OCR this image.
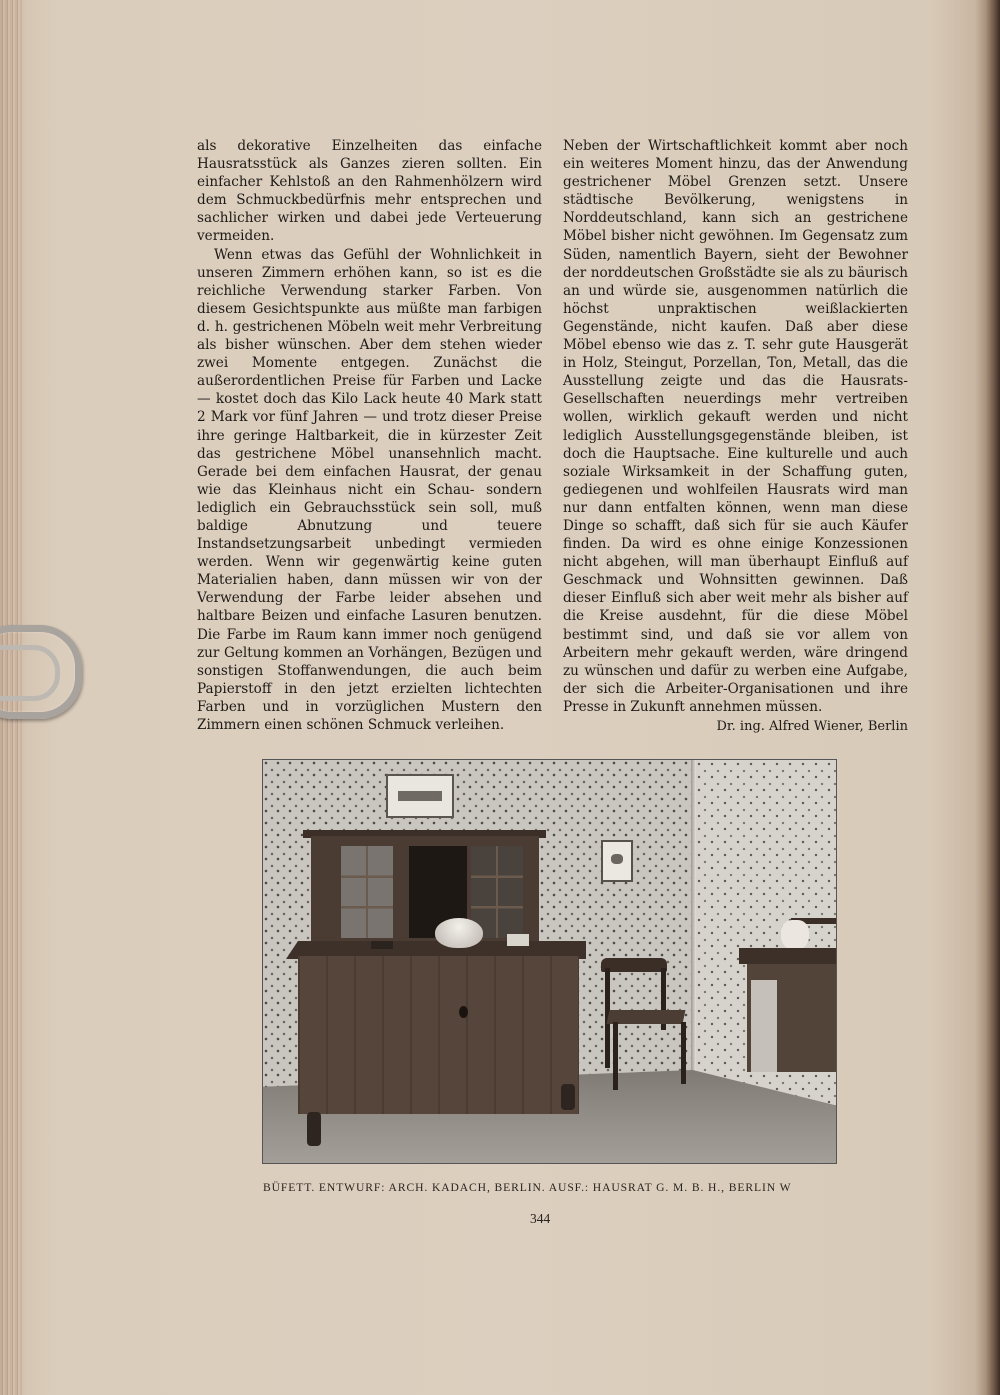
als dekorative Einzelheiten das einfache Hausratsstück als Ganzes zieren sollten. Ein einfacher Kehlstoß an den Rahmenhölzern wird dem Schmuckbedürfnis mehr entsprechen und sachlicher wirken und dabei jede Verteuerung vermeiden.

Wenn etwas das Gefühl der Wohnlichkeit in unseren Zimmern erhöhen kann, so ist es die reichliche Verwendung starker Farben. Von diesem Gesichtspunkte aus müßte man farbigen d. h. gestrichenen Möbeln weit mehr Verbreitung als bisher wünschen. Aber dem stehen wieder zwei Momente entgegen. Zunächst die außerordentlichen Preise für Farben und Lacke — kostet doch das Kilo Lack heute 40 Mark statt 2 Mark vor fünf Jahren — und trotz dieser Preise ihre geringe Haltbarkeit, die in kürzester Zeit das gestrichene Möbel unansehnlich macht. Gerade bei dem einfachen Hausrat, der genau wie das Kleinhaus nicht ein Schau- sondern lediglich ein Gebrauchsstück sein soll, muß baldige Abnutzung und teuere Instandsetzungsarbeit unbedingt vermieden werden. Wenn wir gegenwärtig keine guten Materialien haben, dann müssen wir von der Verwendung der Farbe leider absehen und haltbare Beizen und einfache Lasuren benutzen. Die Farbe im Raum kann immer noch genügend zur Geltung kommen an Vorhängen, Bezügen und sonstigen Stoffanwendungen, die auch beim Papierstoff in den jetzt erzielten lichtechten Farben und in vorzüglichen Mustern den Zimmern einen schönen Schmuck verleihen.

Neben der Wirtschaftlichkeit kommt aber noch ein weiteres Moment hinzu, das der Anwendung gestrichener Möbel Grenzen setzt. Unsere städtische Bevölkerung, wenigstens in Norddeutschland, kann sich an gestrichene Möbel bisher nicht gewöhnen. Im Gegensatz zum Süden, namentlich Bayern, sieht der Bewohner der norddeutschen Großstädte sie als zu bäurisch an und würde sie, ausgenommen natürlich die höchst unpraktischen weißlackierten Gegenstände, nicht kaufen. Daß aber diese Möbel ebenso wie das z. T. sehr gute Hausgerät in Holz, Steingut, Porzellan, Ton, Metall, das die Ausstellung zeigte und das die Hausrats-Gesellschaften neuerdings mehr vertreiben wollen, wirklich gekauft werden und nicht lediglich Ausstellungsgegenstände bleiben, ist doch die Hauptsache. Eine kulturelle und auch soziale Wirksamkeit in der Schaffung guten, gediegenen und wohlfeilen Hausrats wird man nur dann entfalten können, wenn man diese Dinge so schafft, daß sich für sie auch Käufer finden. Da wird es ohne einige Konzessionen nicht abgehen, will man überhaupt Einfluß auf Geschmack und Wohnsitten gewinnen. Daß dieser Einfluß sich aber weit mehr als bisher auf die Kreise ausdehnt, für die diese Möbel bestimmt sind, und daß sie vor allem von Arbeitern mehr gekauft werden, wäre dringend zu wünschen und dafür zu werben eine Aufgabe, der sich die Arbeiter-Organisationen und ihre Presse in Zukunft annehmen müssen.

Dr. ing. Alfred Wiener, Berlin
BÜFETT. ENTWURF: ARCH. KADACH, BERLIN. AUSF.: HAUSRAT G. M. B. H., BERLIN W
344
